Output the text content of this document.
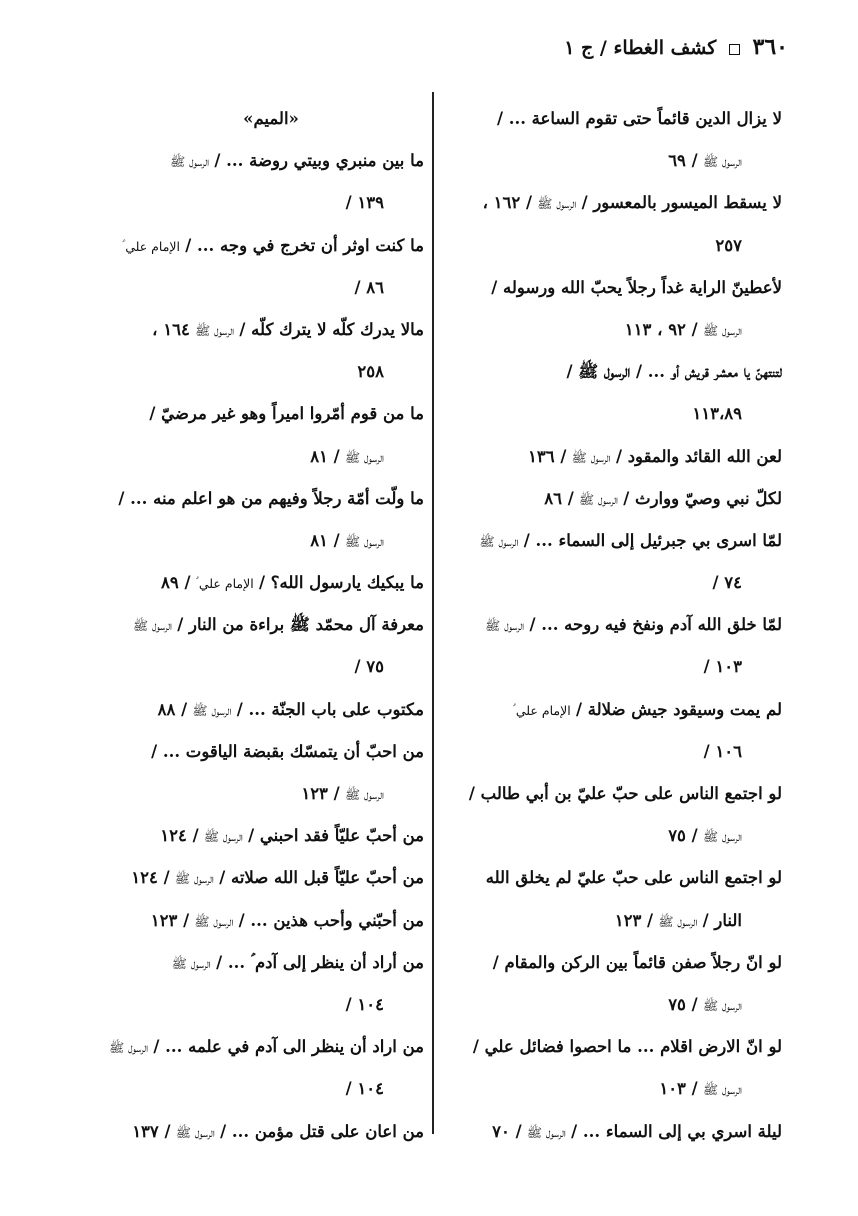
٣٦٠  كشف الغطاء / ج ١
لا يزال الدين قائماً حتى تقوم الساعة ... /
الرسول ﷺ / ٦٩
لا يسقط الميسور بالمعسور / الرسول ﷺ / ١٦٢ ،
٢٥٧
لأعطينّ الراية غداً رجلاً يحبّ الله ورسوله /
الرسول ﷺ / ٩٢ ، ١١٣
لتنتهنّ يا معشر قريش أو ... / الرسول ﷺ /
١١٣،٨٩
لعن الله القائد والمقود / الرسول ﷺ / ١٣٦
لكلّ نبي وصيّ ووارث / الرسول ﷺ / ٨٦
لمّا اسرى بي جبرئيل إلى السماء ... / الرسول ﷺ
٧٤ /
لمّا خلق الله آدم ونفخ فيه روحه ... / الرسول ﷺ
١٠٣ /
لم يمت وسيقود جيش ضلالة / الإمام علي ؑ
١٠٦ /
لو اجتمع الناس على حبّ عليّ بن أبي طالب /
الرسول ﷺ / ٧٥
لو اجتمع الناس على حبّ عليّ لم يخلق الله
النار / الرسول ﷺ / ١٢٣
لو انّ رجلاً صفن قائماً بين الركن والمقام /
الرسول ﷺ / ٧٥
لو انّ الارض اقلام ... ما احصوا فضائل علي /
الرسول ﷺ / ١٠٣
ليلة اسري بي إلى السماء ... / الرسول ﷺ / ٧٠
«الميم»
ما بين منبري وبيتي روضة ... / الرسول ﷺ
١٣٩ /
ما كنت اوثر أن تخرج في وجه ... / الإمام علي ؑ
٨٦ /
مالا يدرك كلّه لا يترك كلّه / الرسول ﷺ ١٦٤ ،
٢٥٨
ما من قوم أمّروا اميراً وهو غير مرضيّ /
الرسول ﷺ / ٨١
ما ولّت أمّة رجلاً وفيهم من هو اعلم منه ... /
الرسول ﷺ / ٨١
ما يبكيك يارسول الله؟ / الإمام علي ؑ / ٨٩
معرفة آل محمّد ﷺ براءة من النار / الرسول ﷺ
٧٥ /
مكتوب على باب الجنّة ... / الرسول ﷺ / ٨٨
من احبّ أن يتمسّك بقبضة الياقوت ... /
الرسول ﷺ / ١٢٣
من أحبّ عليّاً فقد احبني / الرسول ﷺ / ١٢٤
من أحبّ عليّاً قبل الله صلاته / الرسول ﷺ / ١٢٤
من أحبّني وأحب هذين ... / الرسول ﷺ / ١٢٣
من أراد أن ينظر إلى آدم ؑ ... / الرسول ﷺ
١٠٤ /
من اراد أن ينظر الى آدم في علمه ... / الرسول ﷺ
١٠٤ /
من اعان على قتل مؤمن ... / الرسول ﷺ / ١٣٧
